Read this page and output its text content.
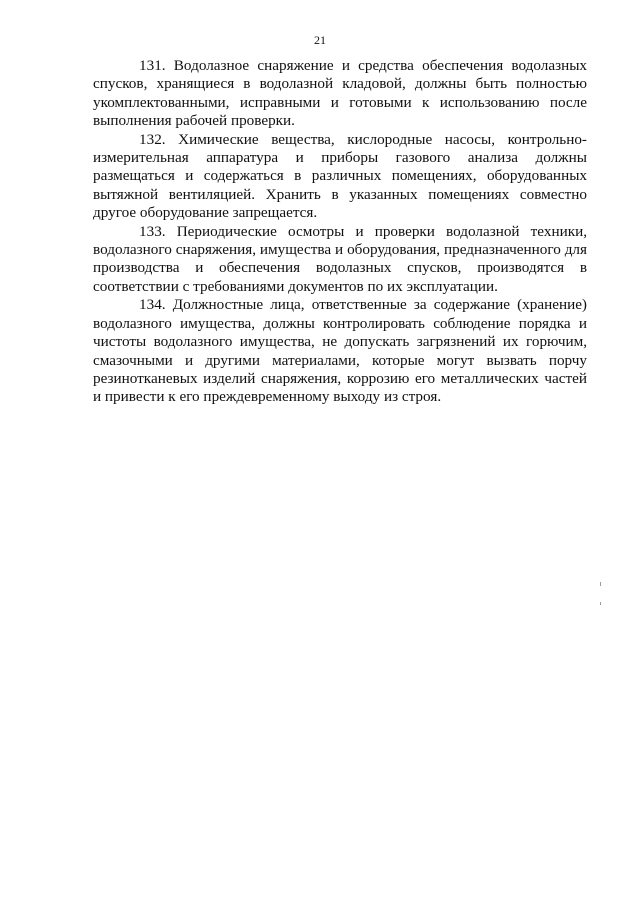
21

131. Водолазное снаряжение и средства обеспечения водолазных спусков, хранящиеся в водолазной кладовой, должны быть полностью укомплектованными, исправными и готовыми к использованию после выполнения рабочей проверки.

132. Химические вещества, кислородные насосы, контрольно-измерительная аппаратура и приборы газового анализа должны размещаться и содержаться в различных помещениях, оборудованных вытяжной вентиляцией. Хранить в указанных помещениях совместно другое оборудование запрещается.

133. Периодические осмотры и проверки водолазной техники, водолазного снаряжения, имущества и оборудования, предназначенного для производства и обеспечения водолазных спусков, производятся в соответствии с требованиями документов по их эксплуатации.

134. Должностные лица, ответственные за содержание (хранение) водолазного имущества, должны контролировать соблюдение порядка и чистоты водолазного имущества, не допускать загрязнений их горючим, смазочными и другими материалами, которые могут вызвать порчу резинотканевых изделий снаряжения, коррозию его металлических частей и привести к его преждевременному выходу из строя.
